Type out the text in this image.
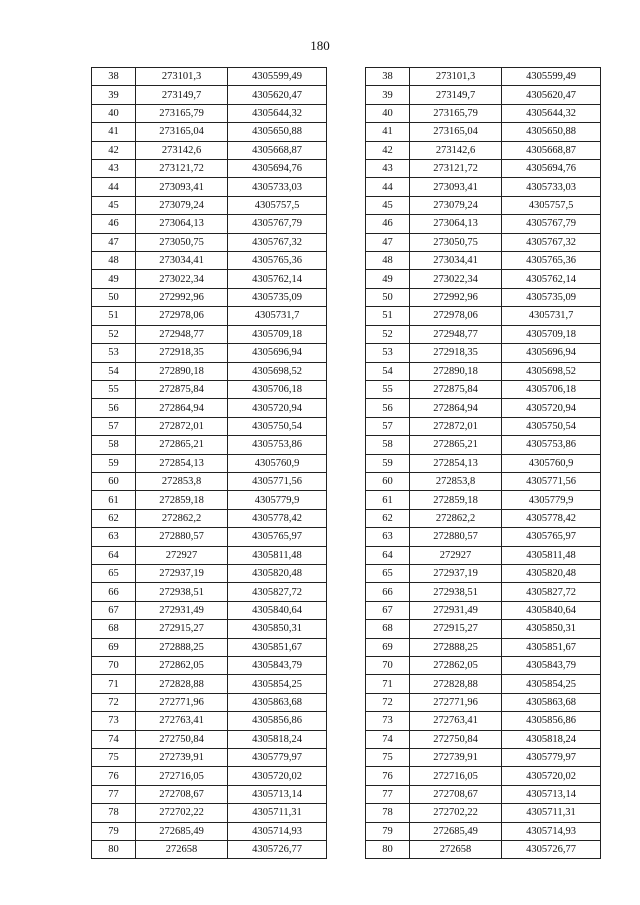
180
38	273101,3	4305599,49
39	273149,7	4305620,47
40	273165,79	4305644,32
41	273165,04	4305650,88
42	273142,6	4305668,87
43	273121,72	4305694,76
44	273093,41	4305733,03
45	273079,24	4305757,5
46	273064,13	4305767,79
47	273050,75	4305767,32
48	273034,41	4305765,36
49	273022,34	4305762,14
50	272992,96	4305735,09
51	272978,06	4305731,7
52	272948,77	4305709,18
53	272918,35	4305696,94
54	272890,18	4305698,52
55	272875,84	4305706,18
56	272864,94	4305720,94
57	272872,01	4305750,54
58	272865,21	4305753,86
59	272854,13	4305760,9
60	272853,8	4305771,56
61	272859,18	4305779,9
62	272862,2	4305778,42
63	272880,57	4305765,97
64	272927	4305811,48
65	272937,19	4305820,48
66	272938,51	4305827,72
67	272931,49	4305840,64
68	272915,27	4305850,31
69	272888,25	4305851,67
70	272862,05	4305843,79
71	272828,88	4305854,25
72	272771,96	4305863,68
73	272763,41	4305856,86
74	272750,84	4305818,24
75	272739,91	4305779,97
76	272716,05	4305720,02
77	272708,67	4305713,14
78	272702,22	4305711,31
79	272685,49	4305714,93
80	272658	4305726,77
38	273101,3	4305599,49
39	273149,7	4305620,47
40	273165,79	4305644,32
41	273165,04	4305650,88
42	273142,6	4305668,87
43	273121,72	4305694,76
44	273093,41	4305733,03
45	273079,24	4305757,5
46	273064,13	4305767,79
47	273050,75	4305767,32
48	273034,41	4305765,36
49	273022,34	4305762,14
50	272992,96	4305735,09
51	272978,06	4305731,7
52	272948,77	4305709,18
53	272918,35	4305696,94
54	272890,18	4305698,52
55	272875,84	4305706,18
56	272864,94	4305720,94
57	272872,01	4305750,54
58	272865,21	4305753,86
59	272854,13	4305760,9
60	272853,8	4305771,56
61	272859,18	4305779,9
62	272862,2	4305778,42
63	272880,57	4305765,97
64	272927	4305811,48
65	272937,19	4305820,48
66	272938,51	4305827,72
67	272931,49	4305840,64
68	272915,27	4305850,31
69	272888,25	4305851,67
70	272862,05	4305843,79
71	272828,88	4305854,25
72	272771,96	4305863,68
73	272763,41	4305856,86
74	272750,84	4305818,24
75	272739,91	4305779,97
76	272716,05	4305720,02
77	272708,67	4305713,14
78	272702,22	4305711,31
79	272685,49	4305714,93
80	272658	4305726,77
